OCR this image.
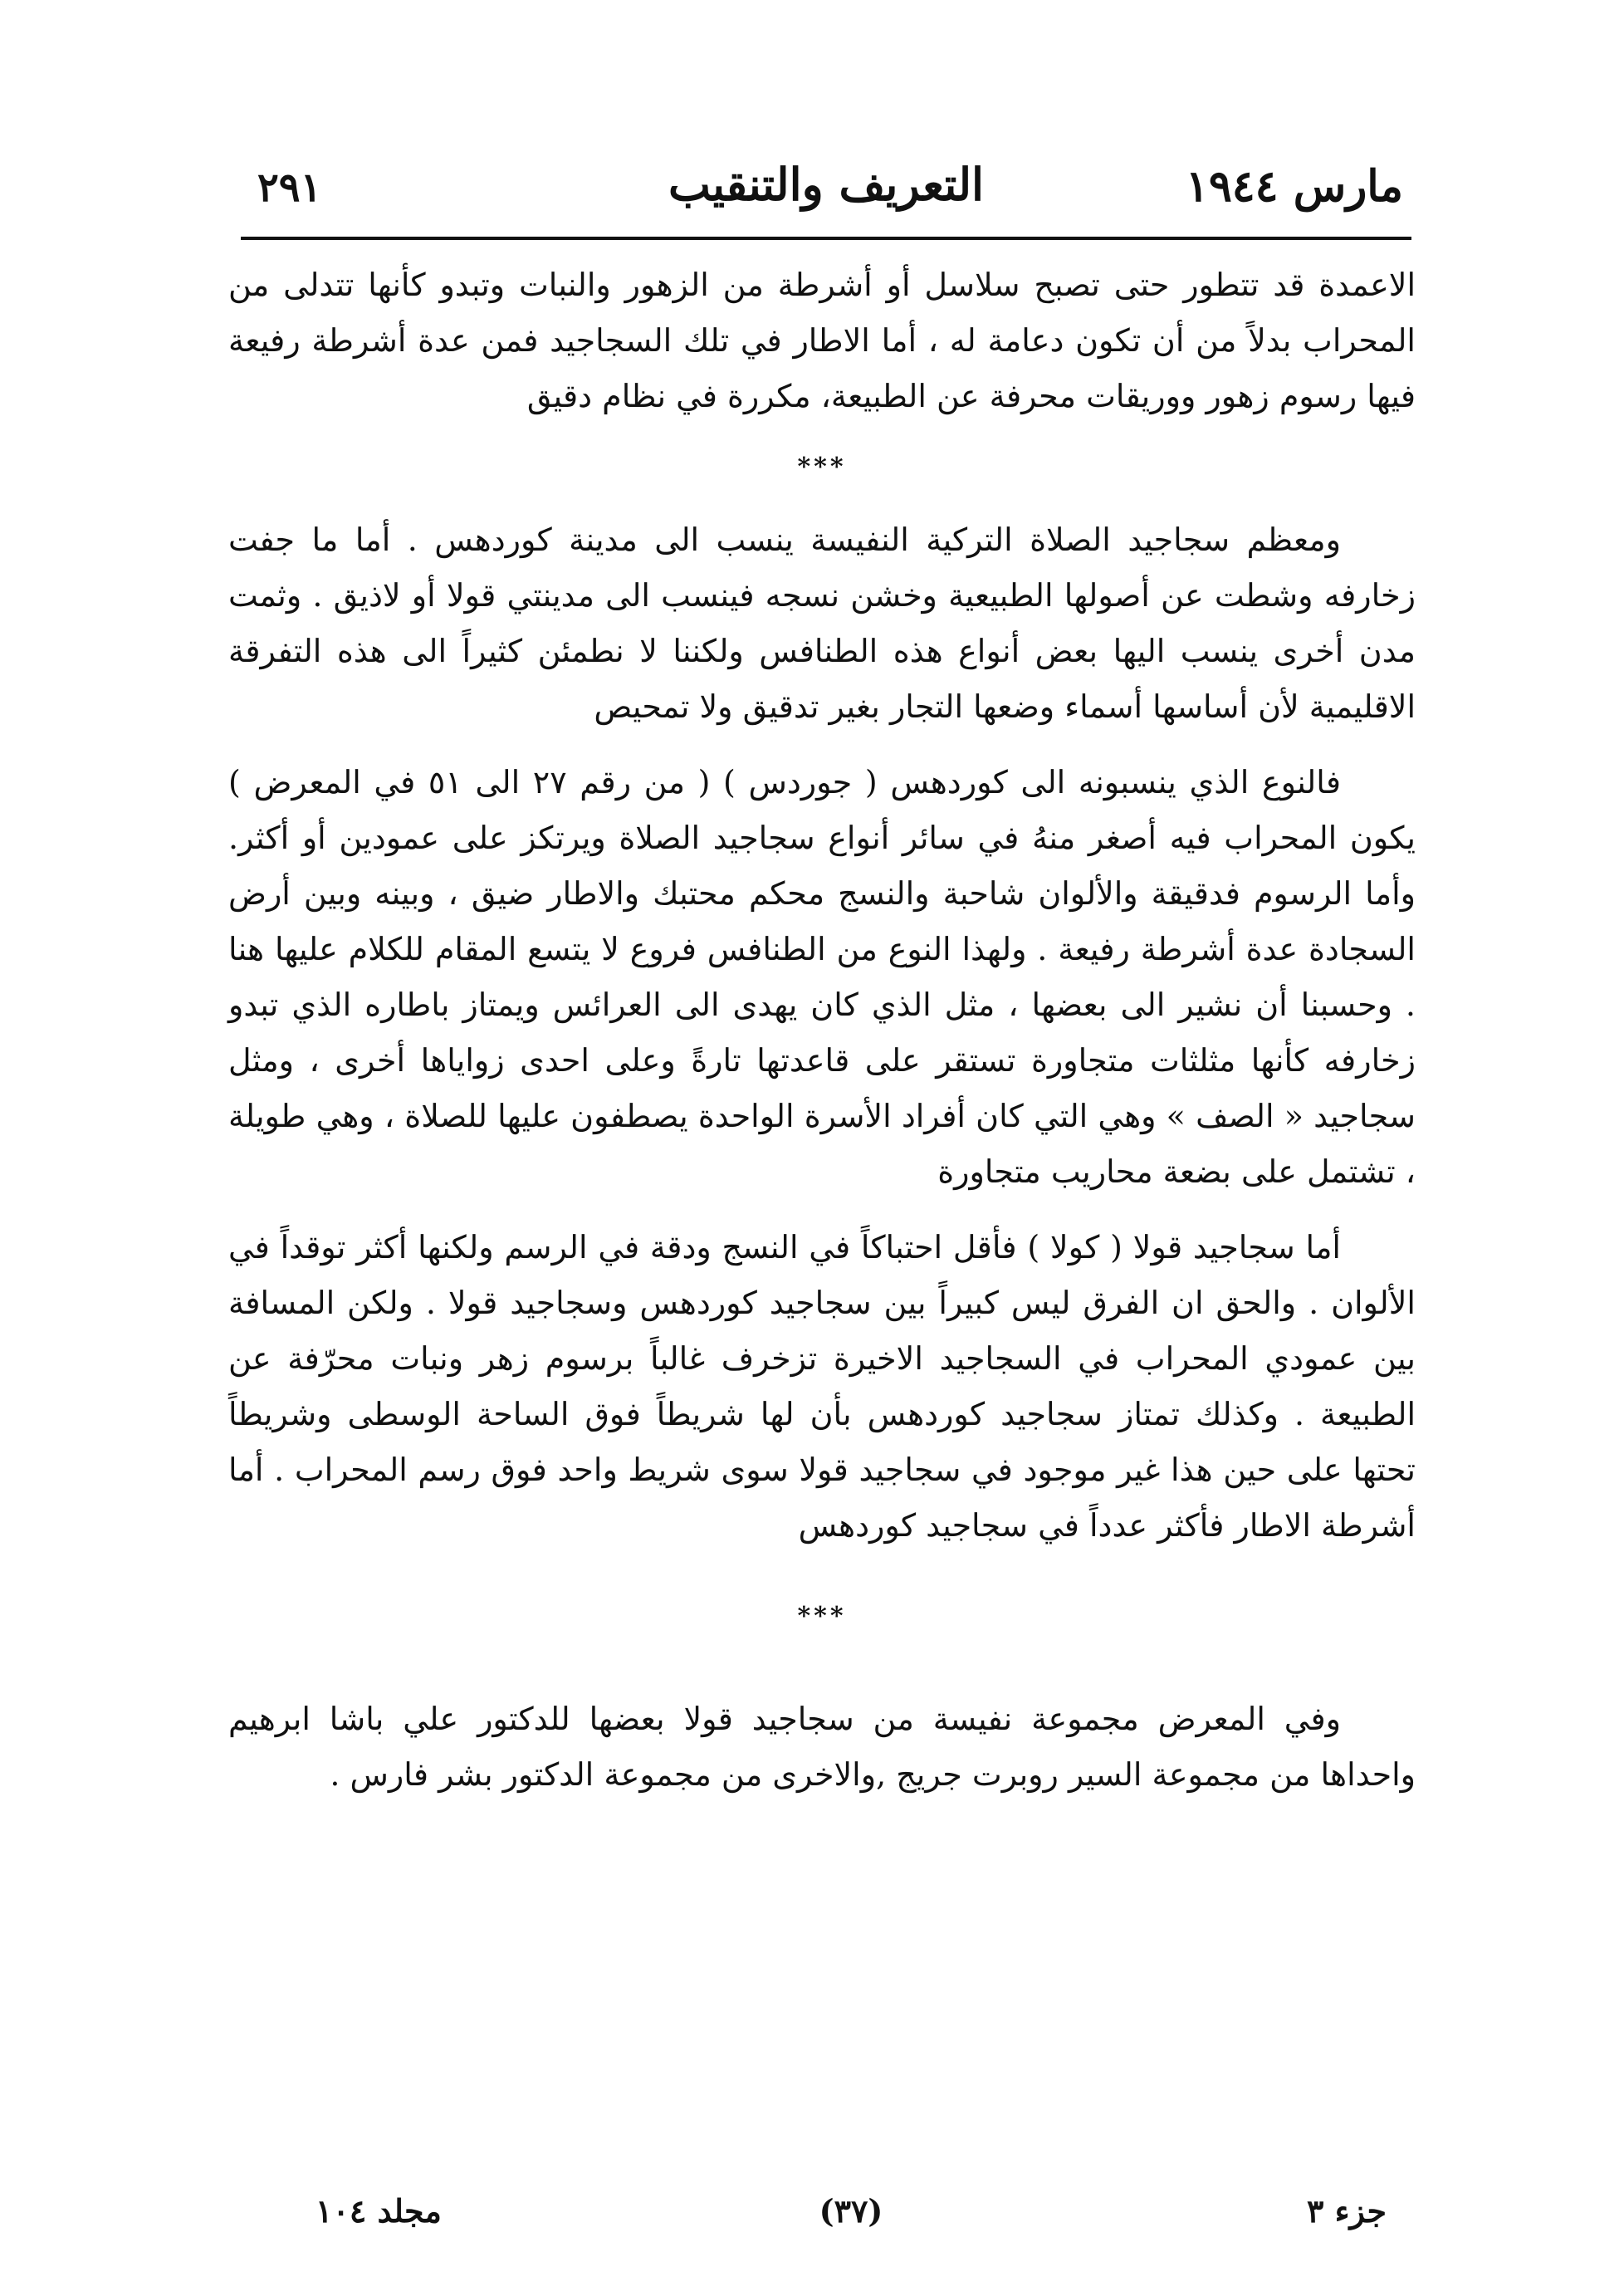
٢٩١	التعريف والتنقيب	مارس ١٩٤٤

الاعمدة قد تتطور حتى تصبح سلاسل أو أشرطة من الزهور والنبات وتبدو كأنها تتدلى من المحراب بدلاً من أن تكون دعامة له ، أما الاطار في تلك السجاجيد فمن عدة أشرطة رفيعة فيها رسوم زهور ووريقات محرفة عن الطبيعة، مكررة في نظام دقيق

***

ومعظم سجاجيد الصلاة التركية النفيسة ينسب الى مدينة كوردهس . أما ما جفت زخارفه وشطت عن أصولها الطبيعية وخشن نسجه فينسب الى مدينتي قولا أو لاذيق . وثمت مدن أخرى ينسب اليها بعض أنواع هذه الطنافس ولكننا لا نطمئن كثيراً الى هذه التفرقة الاقليمية لأن أساسها أسماء وضعها التجار بغير تدقيق ولا تمحيص

فالنوع الذي ينسبونه الى كوردهس ( جوردس ) ( من رقم ٢٧ الى ٥١ في المعرض ) يكون المحراب فيه أصغر منهُ في سائر أنواع سجاجيد الصلاة ويرتكز على عمودين أو أكثر. وأما الرسوم فدقيقة والألوان شاحبة والنسج محكم محتبك والاطار ضيق ، وبينه وبين أرض السجادة عدة أشرطة رفيعة . ولهذا النوع من الطنافس فروع لا يتسع المقام للكلام عليها هنا . وحسبنا أن نشير الى بعضها ، مثل الذي كان يهدى الى العرائس ويمتاز باطاره الذي تبدو زخارفه كأنها مثلثات متجاورة تستقر على قاعدتها تارةً وعلى احدى زواياها أخرى ، ومثل سجاجيد « الصف » وهي التي كان أفراد الأسرة الواحدة يصطفون عليها للصلاة ، وهي طويلة ، تشتمل على بضعة محاريب متجاورة

أما سجاجيد قولا ( كولا ) فأقل احتباكاً في النسج ودقة في الرسم ولكنها أكثر توقداً في الألوان . والحق ان الفرق ليس كبيراً بين سجاجيد كوردهس وسجاجيد قولا . ولكن المسافة بين عمودي المحراب في السجاجيد الاخيرة تزخرف غالباً برسوم زهر ونبات محرّفة عن الطبيعة . وكذلك تمتاز سجاجيد كوردهس بأن لها شريطاً فوق الساحة الوسطى وشريطاً تحتها على حين هذا غير موجود في سجاجيد قولا سوى شريط واحد فوق رسم المحراب . أما أشرطة الاطار فأكثر عدداً في سجاجيد كوردهس

***

وفي المعرض مجموعة نفيسة من سجاجيد قولا بعضها للدكتور علي باشا ابرهيم واحداها من مجموعة السير روبرت جريج ,والاخرى من مجموعة الدكتور بشر فارس .

مجلد ١٠٤	(٣٧)	جزء ٣
